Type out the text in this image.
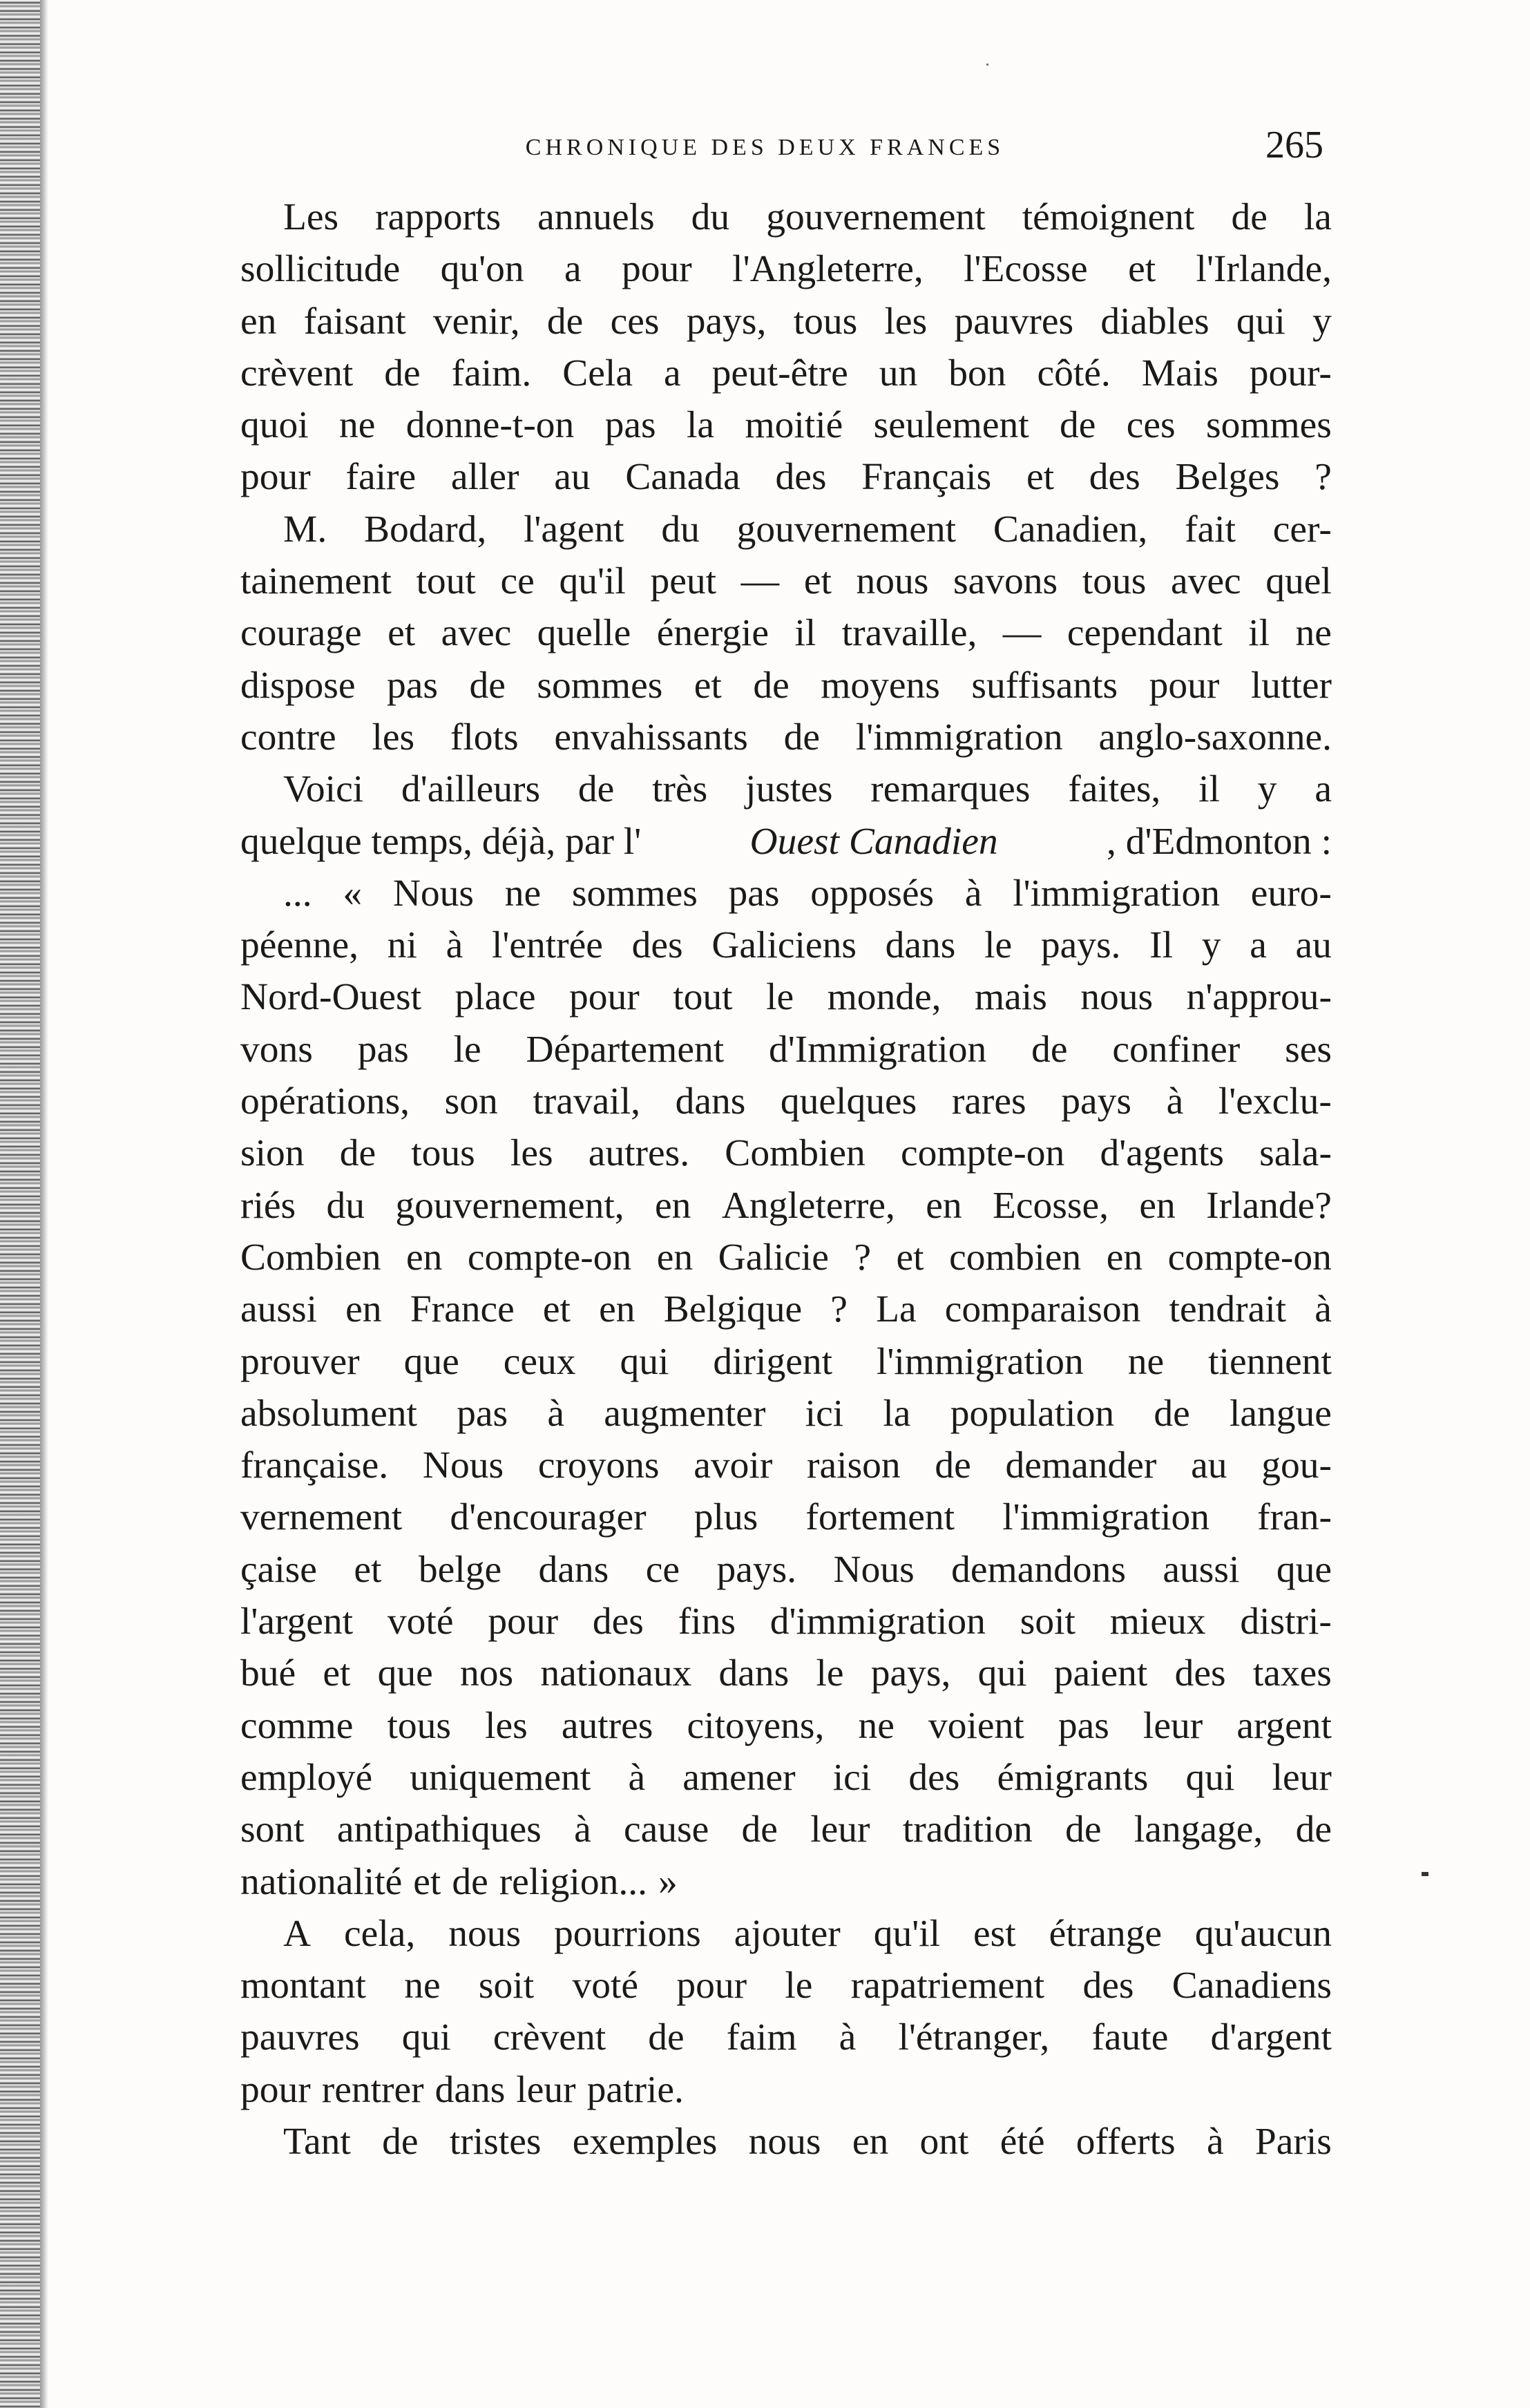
CHRONIQUE DES DEUX FRANCES	265
Les rapports annuels du gouvernement témoignent de la
sollicitude qu'on a pour l'Angleterre, l'Ecosse et l'Irlande,
en faisant venir, de ces pays, tous les pauvres diables qui y
crèvent de faim. Cela a peut-être un bon côté. Mais pour-
quoi ne donne-t-on pas la moitié seulement de ces sommes
pour faire aller au Canada des Français et des Belges ?
M. Bodard, l'agent du gouvernement Canadien, fait cer-
tainement tout ce qu'il peut — et nous savons tous avec quel
courage et avec quelle énergie il travaille, — cependant il ne
dispose pas de sommes et de moyens suffisants pour lutter
contre les flots envahissants de l'immigration anglo-saxonne.
Voici d'ailleurs de très justes remarques faites, il y a
quelque temps, déjà, par l'	Ouest Canadien	, d'Edmonton :
... « Nous ne sommes pas opposés à l'immigration euro-
péenne, ni à l'entrée des Galiciens dans le pays. Il y a au
Nord-Ouest place pour tout le monde, mais nous n'approu-
vons pas le Département d'Immigration de confiner ses
opérations, son travail, dans quelques rares pays à l'exclu-
sion de tous les autres. Combien compte-on d'agents sala-
riés du gouvernement, en Angleterre, en Ecosse, en Irlande?
Combien en compte-on en Galicie ? et combien en compte-on
aussi en France et en Belgique ? La comparaison tendrait à
prouver que ceux qui dirigent l'immigration ne tiennent
absolument pas à augmenter ici la population de langue
française. Nous croyons avoir raison de demander au gou-
vernement d'encourager plus fortement l'immigration fran-
çaise et belge dans ce pays. Nous demandons aussi que
l'argent voté pour des fins d'immigration soit mieux distri-
bué et que nos nationaux dans le pays, qui paient des taxes
comme tous les autres citoyens, ne voient pas leur argent
employé uniquement à amener ici des émigrants qui leur
sont antipathiques à cause de leur tradition de langage, de
nationalité et de religion... »
A cela, nous pourrions ajouter qu'il est étrange qu'aucun
montant ne soit voté pour le rapatriement des Canadiens
pauvres qui crèvent de faim à l'étranger, faute d'argent
pour rentrer dans leur patrie.
Tant de tristes exemples nous en ont été offerts à Paris
